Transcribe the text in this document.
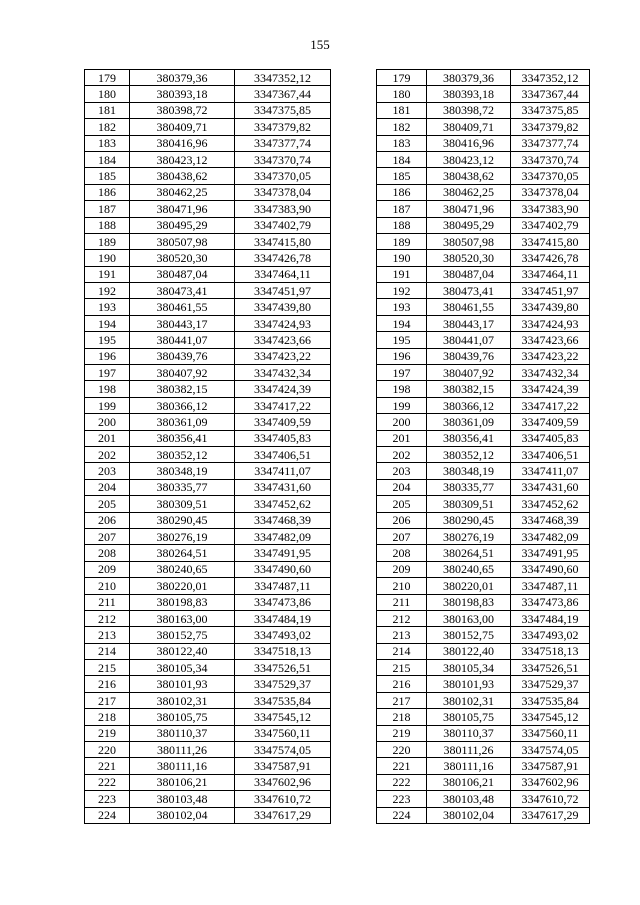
155
179	380379,36	3347352,12
180	380393,18	3347367,44
181	380398,72	3347375,85
182	380409,71	3347379,82
183	380416,96	3347377,74
184	380423,12	3347370,74
185	380438,62	3347370,05
186	380462,25	3347378,04
187	380471,96	3347383,90
188	380495,29	3347402,79
189	380507,98	3347415,80
190	380520,30	3347426,78
191	380487,04	3347464,11
192	380473,41	3347451,97
193	380461,55	3347439,80
194	380443,17	3347424,93
195	380441,07	3347423,66
196	380439,76	3347423,22
197	380407,92	3347432,34
198	380382,15	3347424,39
199	380366,12	3347417,22
200	380361,09	3347409,59
201	380356,41	3347405,83
202	380352,12	3347406,51
203	380348,19	3347411,07
204	380335,77	3347431,60
205	380309,51	3347452,62
206	380290,45	3347468,39
207	380276,19	3347482,09
208	380264,51	3347491,95
209	380240,65	3347490,60
210	380220,01	3347487,11
211	380198,83	3347473,86
212	380163,00	3347484,19
213	380152,75	3347493,02
214	380122,40	3347518,13
215	380105,34	3347526,51
216	380101,93	3347529,37
217	380102,31	3347535,84
218	380105,75	3347545,12
219	380110,37	3347560,11
220	380111,26	3347574,05
221	380111,16	3347587,91
222	380106,21	3347602,96
223	380103,48	3347610,72
224	380102,04	3347617,29
179	380379,36	3347352,12
180	380393,18	3347367,44
181	380398,72	3347375,85
182	380409,71	3347379,82
183	380416,96	3347377,74
184	380423,12	3347370,74
185	380438,62	3347370,05
186	380462,25	3347378,04
187	380471,96	3347383,90
188	380495,29	3347402,79
189	380507,98	3347415,80
190	380520,30	3347426,78
191	380487,04	3347464,11
192	380473,41	3347451,97
193	380461,55	3347439,80
194	380443,17	3347424,93
195	380441,07	3347423,66
196	380439,76	3347423,22
197	380407,92	3347432,34
198	380382,15	3347424,39
199	380366,12	3347417,22
200	380361,09	3347409,59
201	380356,41	3347405,83
202	380352,12	3347406,51
203	380348,19	3347411,07
204	380335,77	3347431,60
205	380309,51	3347452,62
206	380290,45	3347468,39
207	380276,19	3347482,09
208	380264,51	3347491,95
209	380240,65	3347490,60
210	380220,01	3347487,11
211	380198,83	3347473,86
212	380163,00	3347484,19
213	380152,75	3347493,02
214	380122,40	3347518,13
215	380105,34	3347526,51
216	380101,93	3347529,37
217	380102,31	3347535,84
218	380105,75	3347545,12
219	380110,37	3347560,11
220	380111,26	3347574,05
221	380111,16	3347587,91
222	380106,21	3347602,96
223	380103,48	3347610,72
224	380102,04	3347617,29
